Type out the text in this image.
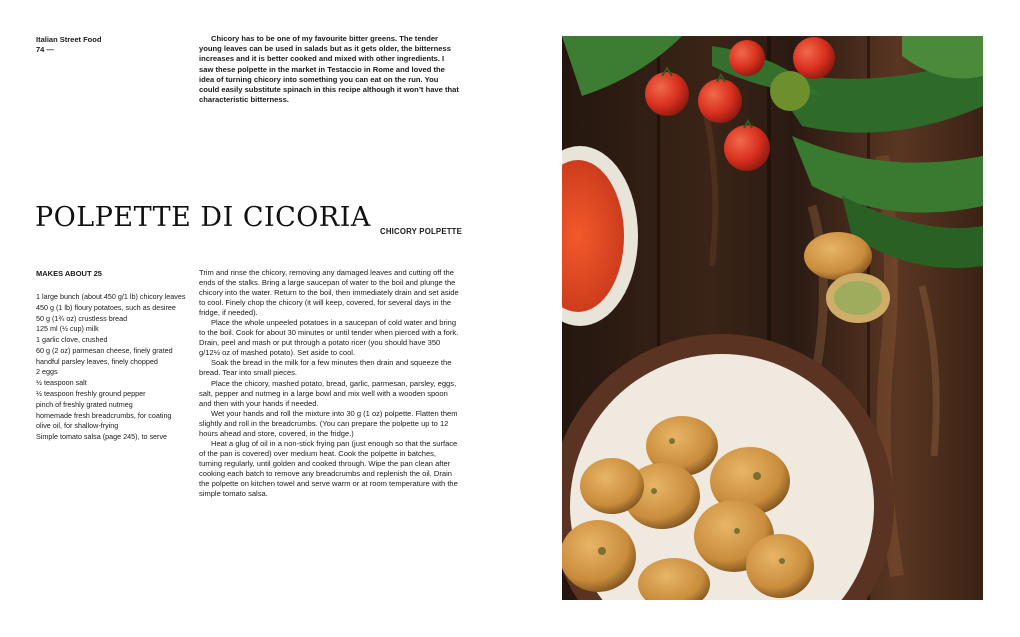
Italian Street Food
74 —
Chicory has to be one of my favourite bitter greens. The tender young leaves can be used in salads but as it gets older, the bitterness increases and it is better cooked and mixed with other ingredients. I saw these polpette in the market in Testaccio in Rome and loved the idea of turning chicory into something you can eat on the run. You could easily substitute spinach in this recipe although it won’t have that characteristic bitterness.
POLPETTE DI CICORIA CHICORY POLPETTE
MAKES ABOUT 25
1 large bunch (about 450 g/1 lb) chicory leaves
450 g (1 lb) floury potatoes, such as desiree
50 g (1¾ oz) crustless bread
125 ml (½ cup) milk
1 garlic clove, crushed
60 g (2 oz) parmesan cheese, finely grated
handful parsley leaves, finely chopped
2 eggs
½ teaspoon salt
½ teaspoon freshly ground pepper
pinch of freshly grated nutmeg
homemade fresh breadcrumbs, for coating
olive oil, for shallow-frying
Simple tomato salsa (page 245), to serve

Trim and rinse the chicory, removing any damaged leaves and cutting off the ends of the stalks. Bring a large saucepan of water to the boil and plunge the chicory into the water. Return to the boil, then immediately drain and set aside to cool. Finely chop the chicory (it will keep, covered, for several days in the fridge, if needed).

Place the whole unpeeled potatoes in a saucepan of cold water and bring to the boil. Cook for about 30 minutes or until tender when pierced with a fork. Drain, peel and mash or put through a potato ricer (you should have 350 g/12½ oz of mashed potato). Set aside to cool.

Soak the bread in the milk for a few minutes then drain and squeeze the bread. Tear into small pieces.

Place the chicory, mashed potato, bread, garlic, parmesan, parsley, eggs, salt, pepper and nutmeg in a large bowl and mix well with a wooden spoon and then with your hands if needed.

Wet your hands and roll the mixture into 30 g (1 oz) polpette. Flatten them slightly and roll in the breadcrumbs. (You can prepare the polpette up to 12 hours ahead and store, covered, in the fridge.)

Heat a glug of oil in a non-stick frying pan (just enough so that the surface of the pan is covered) over medium heat. Cook the polpette in batches, turning regularly, until golden and cooked through. Wipe the pan clean after cooking each batch to remove any breadcrumbs and replenish the oil. Drain the polpette on kitchen towel and serve warm or at room temperature with the simple tomato salsa.
